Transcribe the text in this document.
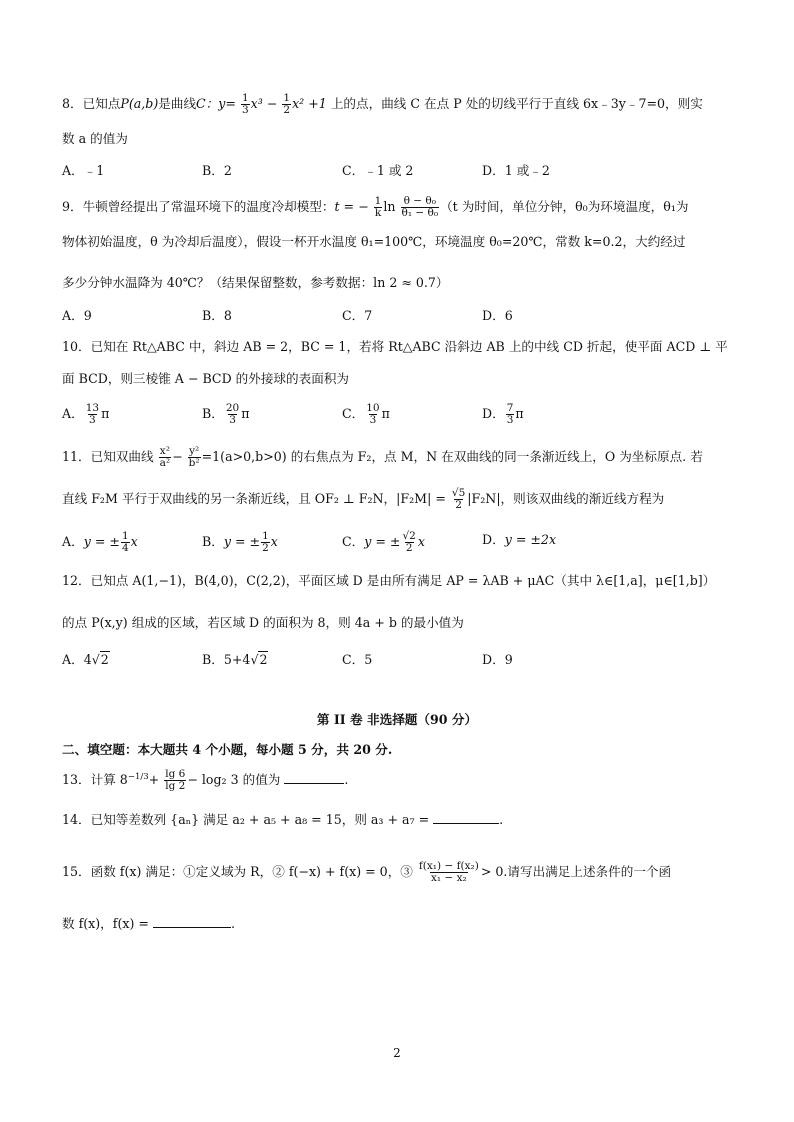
8．已知点P(a,b)是曲线C：$y= \frac{1}{3} x^3 - \frac{1}{2} x^2 +1$ 上的点，曲线 C 在点 P 处的切线平行于直线 6x﹣3y﹣7=0，则实
数 a 的值为
A．﹣1	B．2	C．﹣1 或 2	D．1 或﹣2
9．牛顿曾经提出了常温环境下的温度冷却模型：t = − $\frac{1}{k}$ $\ln \frac{\text{θ − θ₀}}{\text{θ₁ − θ₀}} (t$ 为时间，单位分钟，θ₀为环境温度，θ₁为
物体初始温度，θ 为冷却后温度），假设一杯开水温度 θ₁=100℃，环境温度 θ₀=20℃，常数 k=0.2，大约经过
多少分钟水温降为 40℃？（结果保留整数，参考数据：ln 2 ≈ 0.7）
A．9	B．8	C．7	D．6
10．已知在 Rt△ABC 中，斜边 AB = 2，BC = 1，若将 Rt△ABC 沿斜边 AB 上的中线 CD 折起，使平面 ACD ⊥ 平
面 BCD，则三棱锥 A − BCD 的外接球的表面积为
A． $\frac{13}{3}$ π	B． $\frac{20}{3}$ π	C． $\frac{10}{3}$ π	D． $\frac{7}{3}$ π
11．已知双曲线 $\frac{\text{x²}}{\text{a²}} - \frac{\text{y²}}{\text{b²}} =1(a>0,b>0)$ 的右焦点为 F₂，点 M，N 在双曲线的同一条渐近线上，O 为坐标原点. 若
直线 F₂M 平行于双曲线的另一条渐近线，且 OF₂ ⊥ F₂N，$|F_2M| = \frac{√5}{2} |F_2N|$，则该双曲线的渐近线方程为
A．y = ± $\frac{1}{4}$ x	B．y = ± $\frac{1}{2}$ x	C．y = ± $\frac{√2}{2}$ x	D．y = ±2x
12．已知点 A(1,−1)，B(4,0)，C(2,2)，平面区域 D 是由所有满足 AP = λAB + μAC（其中 λ∈[1,a]，μ∈[1,b]）
的点 P(x,y) 组成的区域，若区域 D 的面积为 8，则 4a + b 的最小值为
A．4√2	B．5+4√2	C．5	D．9
第 II 卷 非选择题（90 分）
二、填空题：本大题共 4 个小题，每小题 5 分，共 20 分.
13．计算 $8^{-1/3}+ \frac{\lg 6}{\lg 2} - \log_2$ 3 的值为	.
14．已知等差数列 {aₙ} 满足 a₂ + a₅ + a₈ = 15，则 a₃ + a₇ =	.
15．函数 f(x) 满足：①定义域为 R，② f(−x) + f(x) = 0，③ $\frac{\text{f(x₁) − f(x₂)}}{\text{x₁ − x₂}} > 0$.请写出满足上述条件的一个函
数 f(x)，f(x) =	.
2
